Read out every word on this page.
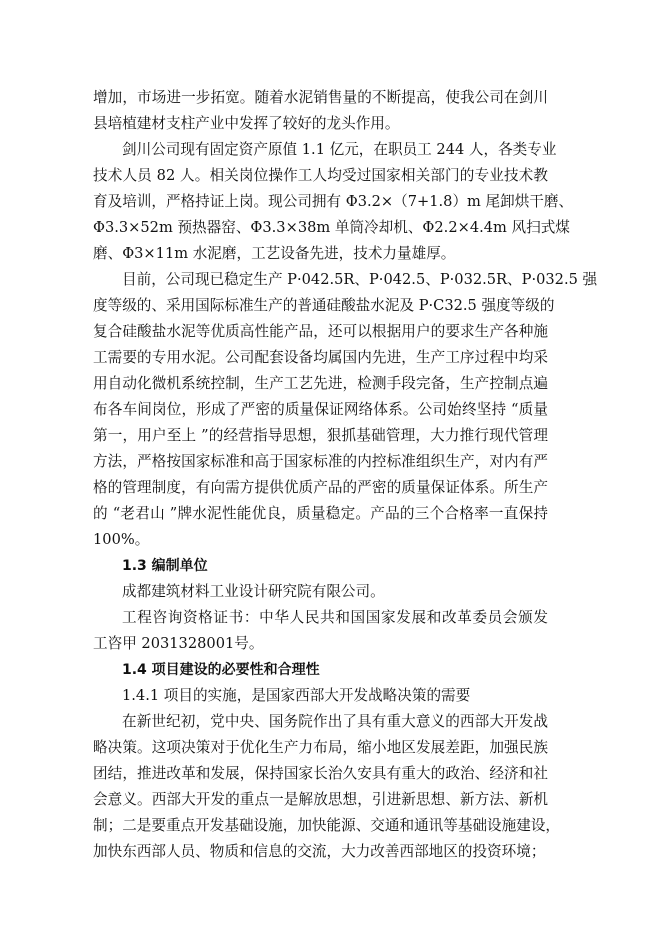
增加，市场进一步拓宽。随着水泥销售量的不断提高，使我公司在剑川
县培植建材支柱产业中发挥了较好的龙头作用。
剑川公司现有固定资产原值 1.1 亿元，在职员工 244 人，各类专业
技术人员 82 人。相关岗位操作工人均受过国家相关部门的专业技术教
育及培训，严格持证上岗。现公司拥有 Φ3.2×（7+1.8）m 尾卸烘干磨、
Φ3.3×52m 预热器窑、Φ3.3×38m 单筒冷却机、Φ2.2×4.4m 风扫式煤
磨、Φ3×11m 水泥磨，工艺设备先进，技术力量雄厚。
目前，公司现已稳定生产 P·042.5R、P·042.5、P·032.5R、P·032.5 强
度等级的、采用国际标准生产的普通硅酸盐水泥及 P·C32.5 强度等级的
复合硅酸盐水泥等优质高性能产品，还可以根据用户的要求生产各种施
工需要的专用水泥。公司配套设备均属国内先进，生产工序过程中均采
用自动化微机系统控制，生产工艺先进，检测手段完备，生产控制点遍
布各车间岗位，形成了严密的质量保证网络体系。公司始终坚持 “质量
第一，用户至上 ”的经营指导思想，狠抓基础管理，大力推行现代管理
方法，严格按国家标准和高于国家标准的内控标准组织生产，对内有严
格的管理制度，有向需方提供优质产品的严密的质量保证体系。所生产
的 “老君山 ”牌水泥性能优良，质量稳定。产品的三个合格率一直保持
100%。
1.3 编制单位
成都建筑材料工业设计研究院有限公司。
工程咨询资格证书：中华人民共和国国家发展和改革委员会颁发
工咨甲 2031328001号。
1.4 项目建设的必要性和合理性
1.4.1 项目的实施，是国家西部大开发战略决策的需要
在新世纪初，党中央、国务院作出了具有重大意义的西部大开发战
略决策。这项决策对于优化生产力布局，缩小地区发展差距，加强民族
团结，推进改革和发展，保持国家长治久安具有重大的政治、经济和社
会意义。西部大开发的重点一是解放思想，引进新思想、新方法、新机
制；二是要重点开发基础设施，加快能源、交通和通讯等基础设施建设，
加快东西部人员、物质和信息的交流，大力改善西部地区的投资环境；
